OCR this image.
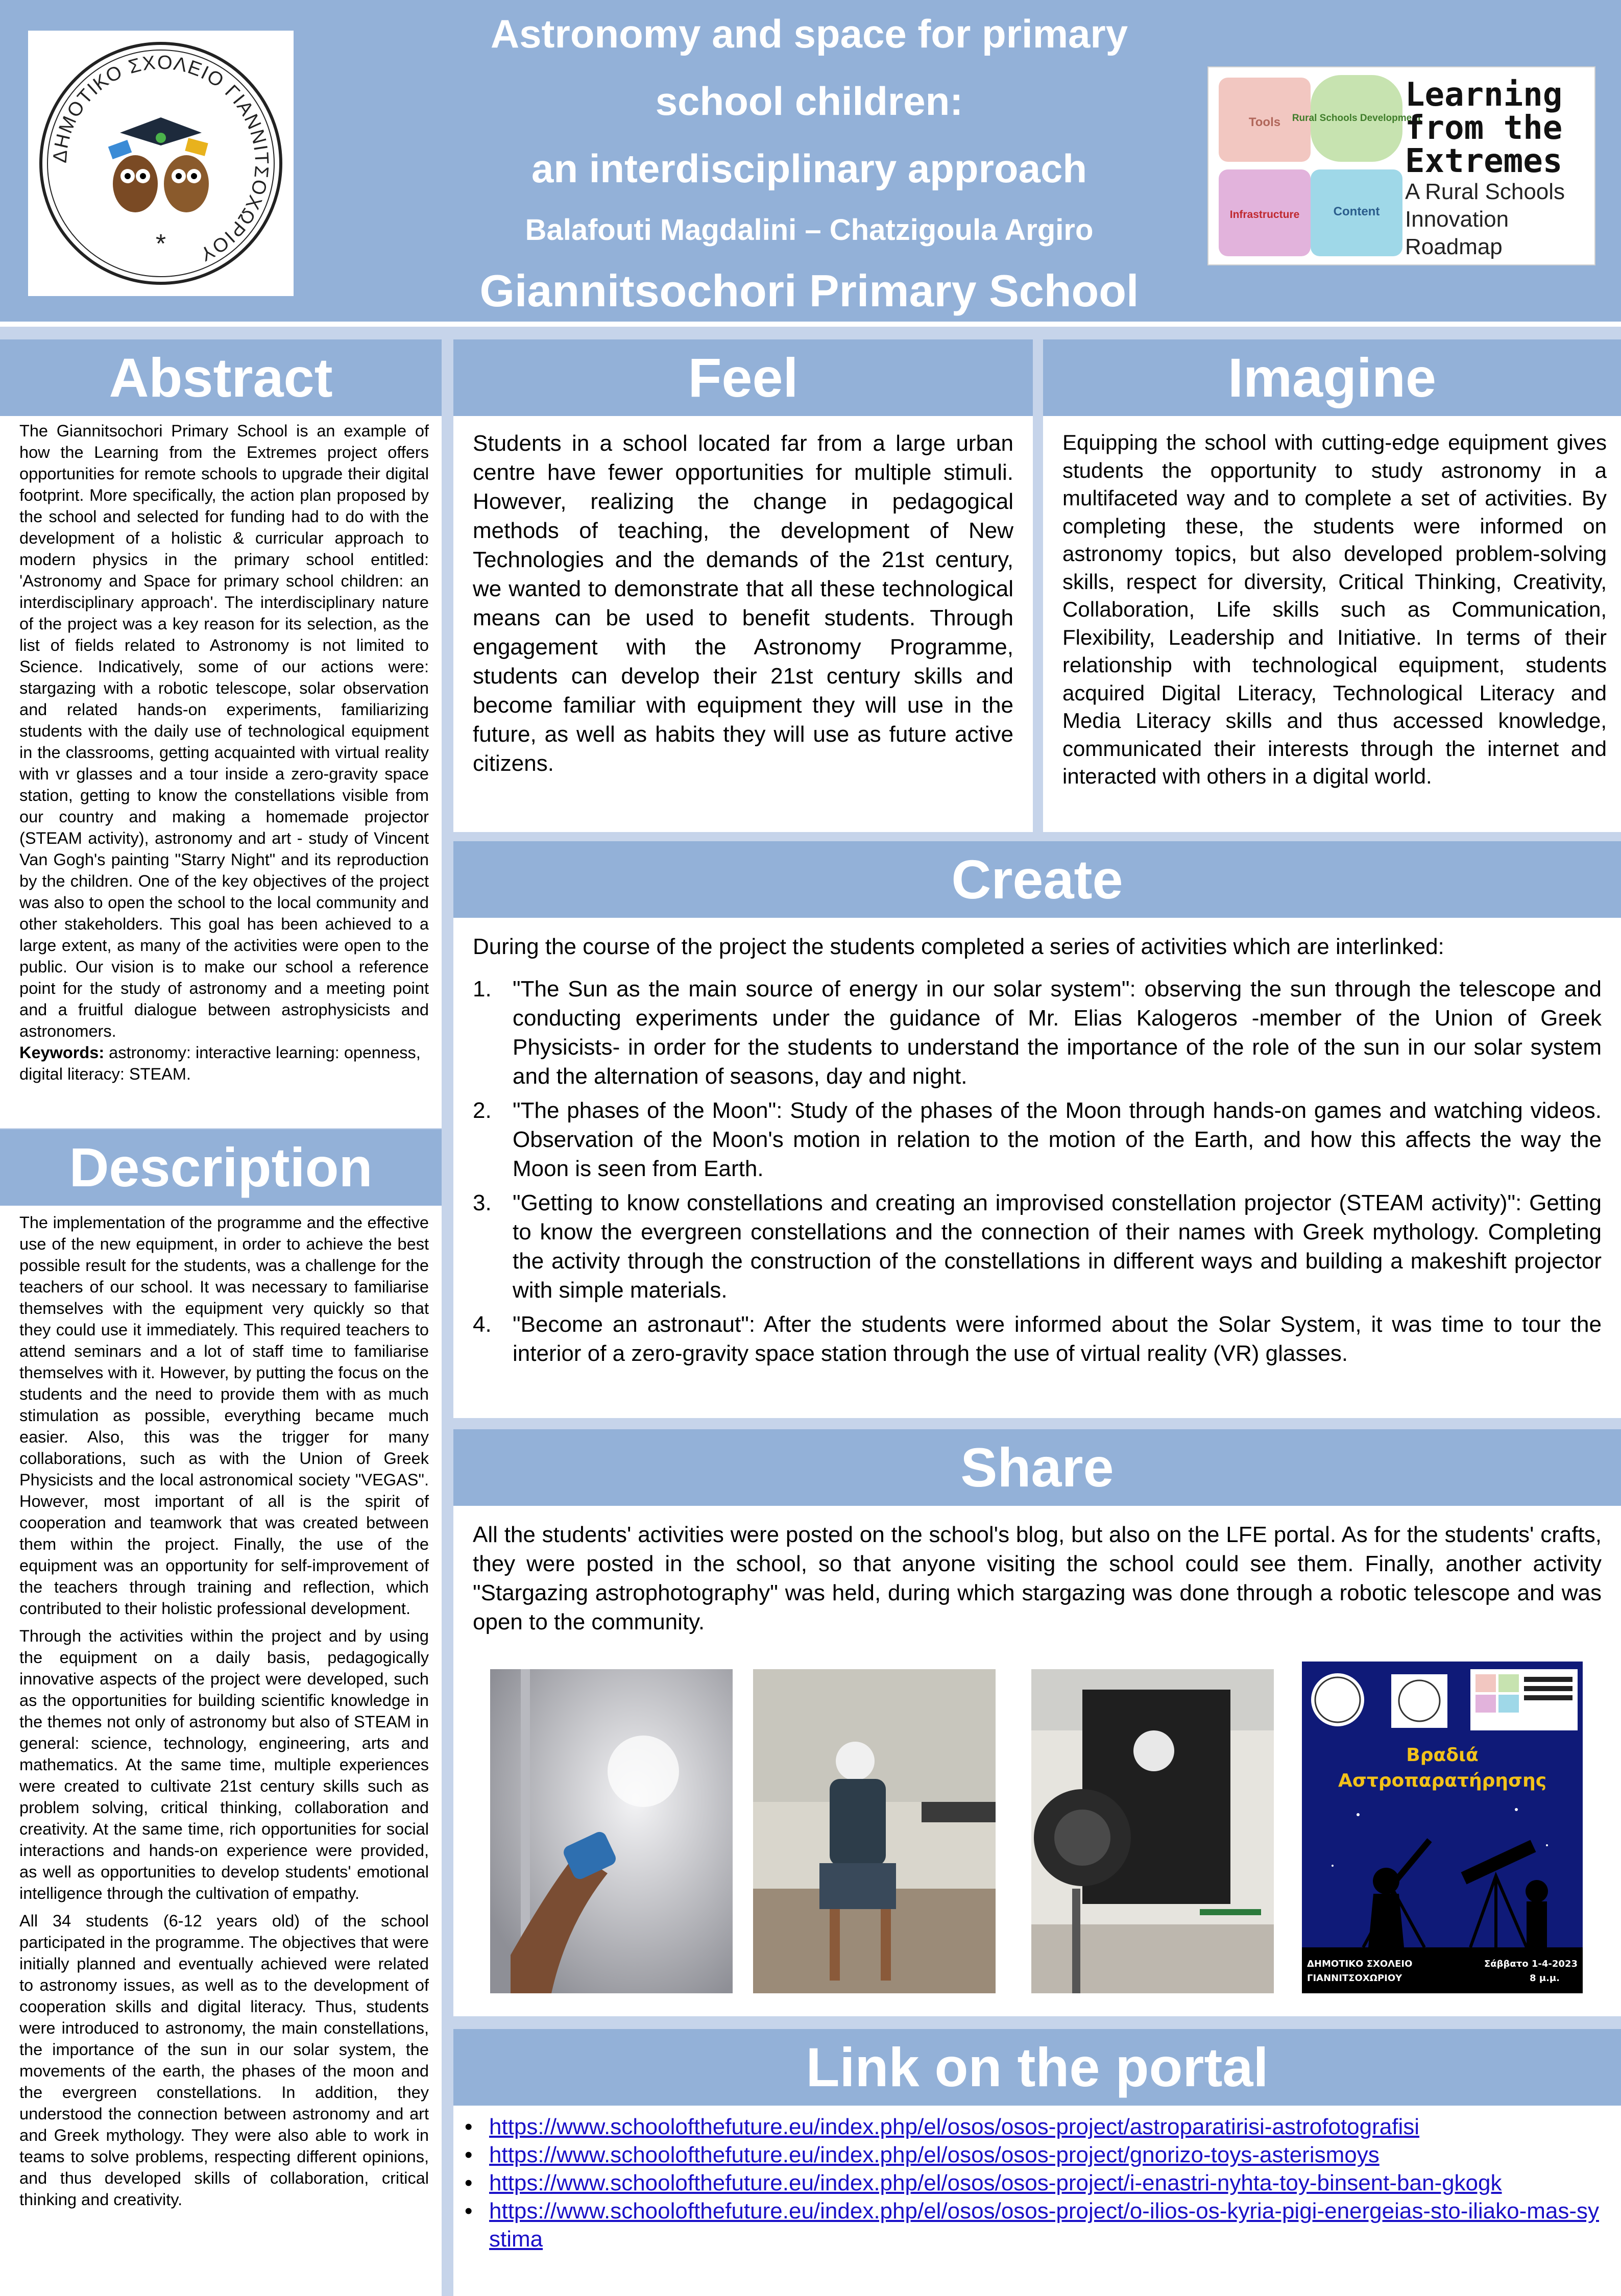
ΔΗΜΟΤΙΚΟ ΣΧΟΛΕΙΟ ΓΙΑΝΝΙΤΣΟΧΩΡΙΟΥ
*
Astronomy and space for primary
school children:
an interdisciplinary approach
Balafouti Magdalini – Chatzigoula Argiro
Giannitsochori Primary School
Tools Rural Schools Development
Infrastructure	Content
Learning
from the
Extremes
A Rural Schools
Innovation
Roadmap
Abstract
The Giannitsochori Primary School is an example of how the Learning from the Extremes project offers opportunities for remote schools to upgrade their digital footprint. More specifically, the action plan proposed by the school and selected for funding had to do with the development of a holistic & curricular approach to modern physics in the primary school entitled: 'Astronomy and Space for primary school children: an interdisciplinary approach'. The interdisciplinary nature of the project was a key reason for its selection, as the list of fields related to Astronomy is not limited to Science. Indicatively, some of our actions were: stargazing with a robotic telescope, solar observation and related hands-on experiments, familiarizing students with the daily use of technological equipment in the classrooms, getting acquainted with virtual reality with vr glasses and a tour inside a zero-gravity space station, getting to know the constellations visible from our country and making a homemade projector (STEAM activity), astronomy and art - study of Vincent Van Gogh's painting "Starry Night" and its reproduction by the children. One of the key objectives of the project was also to open the school to the local community and other stakeholders. This goal has been achieved to a large extent, as many of the activities were open to the public. Our vision is to make our school a reference point for the study of astronomy and a meeting point and a fruitful dialogue between astrophysicists and astronomers.
Keywords: astronomy: interactive learning: openness, digital literacy: STEAM.
Description
The implementation of the programme and the effective use of the new equipment, in order to achieve the best possible result for the students, was a challenge for the teachers of our school. It was necessary to familiarise themselves with the equipment very quickly so that they could use it immediately. This required teachers to attend seminars and a lot of staff time to familiarise themselves with it. However, by putting the focus on the students and the need to provide them with as much stimulation as possible, everything became much easier. Also, this was the trigger for many collaborations, such as with the Union of Greek Physicists and the local astronomical society "VEGAS". However, most important of all is the spirit of cooperation and teamwork that was created between them within the project. Finally, the use of the equipment was an opportunity for self-improvement of the teachers through training and reflection, which contributed to their holistic professional development.
Through the activities within the project and by using the equipment on a daily basis, pedagogically innovative aspects of the project were developed, such as the opportunities for building scientific knowledge in the themes not only of astronomy but also of STEAM in general: science, technology, engineering, arts and mathematics. At the same time, multiple experiences were created to cultivate 21st century skills such as problem solving, critical thinking, collaboration and creativity. At the same time, rich opportunities for social interactions and hands-on experience were provided, as well as opportunities to develop students' emotional intelligence through the cultivation of empathy.
All 34 students (6-12 years old) of the school participated in the programme. The objectives that were initially planned and eventually achieved were related to astronomy issues, as well as to the development of cooperation skills and digital literacy. Thus, students were introduced to astronomy, the main constellations, the importance of the sun in our solar system, the movements of the earth, the phases of the moon and the evergreen constellations. In addition, they understood the connection between astronomy and art and Greek mythology. They were also able to work in teams to solve problems, respecting different opinions, and thus developed skills of collaboration, critical thinking and creativity.
Feel
Students in a school located far from a large urban centre have fewer opportunities for multiple stimuli. However, realizing the change in pedagogical methods of teaching, the development of New Technologies and the demands of the 21st century, we wanted to demonstrate that all these technological means can be used to benefit students. Through engagement with the Astronomy Programme, students can develop their 21st century skills and become familiar with equipment they will use in the future, as well as habits they will use as future active citizens.
Imagine
Equipping the school with cutting-edge equipment gives students the opportunity to study astronomy in a multifaceted way and to complete a set of activities. By completing these, the students were informed on astronomy topics, but also developed problem-solving skills, respect for diversity, Critical Thinking, Creativity, Collaboration, Life skills such as Communication, Flexibility, Leadership and Initiative. In terms of their relationship with technological equipment, students acquired Digital Literacy, Technological Literacy and Media Literacy skills and thus accessed knowledge, communicated their interests through the internet and interacted with others in a digital world.
Create
During the course of the project the students completed a series of activities which are interlinked:
1. "The Sun as the main source of energy in our solar system": observing the sun through the telescope and conducting experiments under the guidance of Mr. Elias Kalogeros -member of the Union of Greek Physicists- in order for the students to understand the importance of the role of the sun in our solar system and the alternation of seasons, day and night.
2. "The phases of the Moon": Study of the phases of the Moon through hands-on games and watching videos. Observation of the Moon's motion in relation to the motion of the Earth, and how this affects the way the Moon is seen from Earth.
3. "Getting to know constellations and creating an improvised constellation projector (STEAM activity)": Getting to know the evergreen constellations and the connection of their names with Greek mythology. Completing the activity through the construction of the constellations in different ways and building a makeshift projector with simple materials.
4. "Become an astronaut": After the students were informed about the Solar System, it was time to tour the interior of a zero-gravity space station through the use of virtual reality (VR) glasses.
Share
All the students' activities were posted on the school's blog, but also on the LFE portal. As for the students' crafts, they were posted in the school, so that anyone visiting the school could see them. Finally, another activity "Stargazing astrophotography" was held, during which stargazing was done through a robotic telescope and was open to the community.
Βραδιά
Αστροπαρατήρησης
ΔΗΜΟΤΙΚΟ ΣΧΟΛΕΙΟ
ΓΙΑΝΝΙΤΣΟΧΩΡΙΟΥ
Σάββατο 1-4-2023
8 μ.μ.
Link on the portal
• https://www.schoolofthefuture.eu/index.php/el/osos/osos-project/astroparatirisi-astrofotografisi
• https://www.schoolofthefuture.eu/index.php/el/osos/osos-project/gnorizo-toys-asterismoys
• https://www.schoolofthefuture.eu/index.php/el/osos/osos-project/i-enastri-nyhta-toy-binsent-ban-gkogk
• https://www.schoolofthefuture.eu/index.php/el/osos/osos-project/o-ilios-os-kyria-pigi-energeias-sto-iliako-mas-systima
